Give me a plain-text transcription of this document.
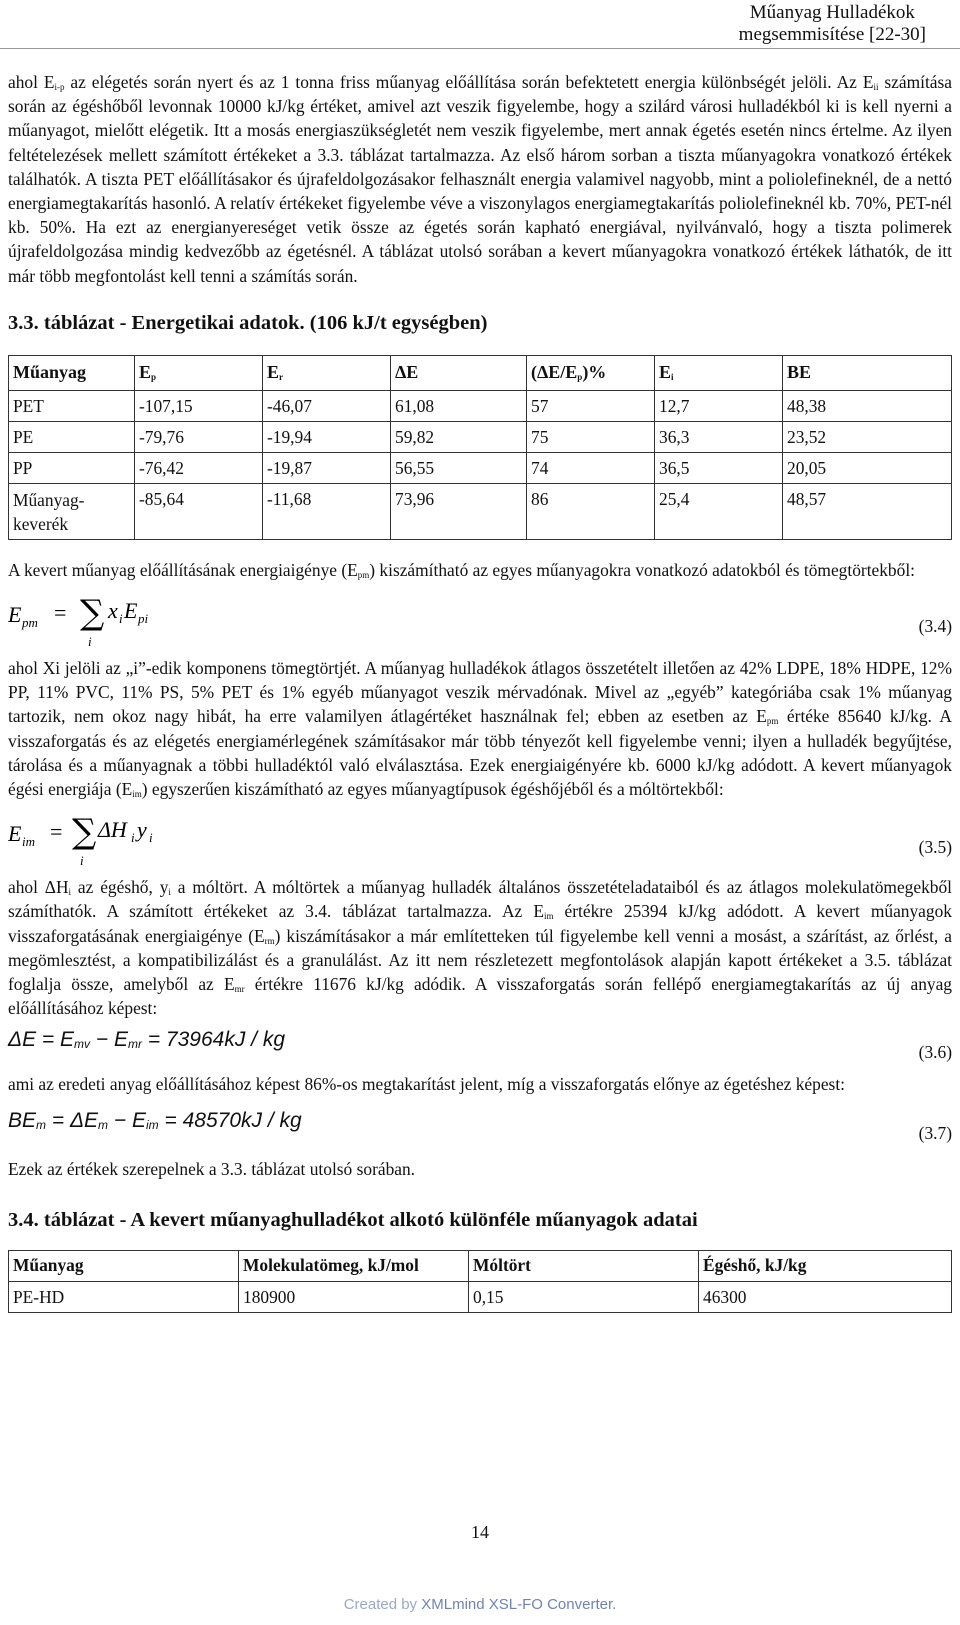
Műanyag Hulladékok
megsemmisítése [22-30]

ahol $E_{i-p}$ az elégetés során nyert és az 1 tonna friss műanyag előállítása során befektetett energia különbségét jelöli. Az $E_{ii}$ számítása során az égéshőből levonnak 10000 kJ/kg értéket, amivel azt veszik figyelembe, hogy a szilárd városi hulladékból ki is kell nyerni a műanyagot, mielőtt elégetik. Itt a mosás energiaszükségletét nem veszik figyelembe, mert annak égetés esetén nincs értelme. Az ilyen feltételezések mellett számított értékeket a 3.3. táblázat tartalmazza. Az első három sorban a tiszta műanyagokra vonatkozó értékek találhatók. A tiszta PET előállításakor és újrafeldolgozásakor felhasznált energia valamivel nagyobb, mint a poliolefineknél, de a nettó energiamegtakarítás hasonló. A relatív értékeket figyelembe véve a viszonylagos energiamegtakarítás poliolefineknél kb. 70%, PET-nél kb. 50%. Ha ezt az energianyereséget vetik össze az égetés során kapható energiával, nyilvánvaló, hogy a tiszta polimerek újrafeldolgozása mindig kedvezőbb az égetésnél. A táblázat utolsó sorában a kevert műanyagokra vonatkozó értékek láthatók, de itt már több megfontolást kell tenni a számítás során.

3.3. táblázat - Energetikai adatok. (106 kJ/t egységben)
Műanyag	$E_p$	$E_r$	ΔE	$(\Delta E/E_p)\%$	$E_i$	BE
PET	-107,15	-46,07	61,08	57	12,7	48,38
PE	-79,76	-19,94	59,82	75	36,3	23,52
PP	-76,42	-19,87	56,55	74	36,5	20,05

Műanyag-
keverék	-85,64	-11,68	73,96	86	25,4	48,57

A kevert műanyag előállításának energiaigénye $(E_{pm})$ kiszámítható az egyes műanyagokra vonatkozó adatokból és tömegtörtekből:

E pm = ∑
i
x i E pi	(3.4)

ahol Xi jelöli az „i”-edik komponens tömegtörtjét. A műanyag hulladékok átlagos összetételt illetően az 42% LDPE, 18% HDPE, 12% PP, 11% PVC, 11% PS, 5% PET és 1% egyéb műanyagot veszik mérvadónak. Mivel az „egyéb” kategóriába csak 1% műanyag tartozik, nem okoz nagy hibát, ha erre valamilyen átlagértéket használnak fel; ebben az esetben az $E_{pm}$ értéke 85640 kJ/kg. A visszaforgatás és az elégetés energiamérlegének számításakor már több tényezőt kell figyelembe venni; ilyen a hulladék begyűjtése, tárolása és a műanyagnak a többi hulladéktól való elválasztása. Ezek energiaigényére kb. 6000 kJ/kg adódott. A kevert műanyagok égési energiája $(E_{im})$ egyszerűen kiszámítható az egyes műanyagtípusok égéshőjéből és a móltörtekből:

E im = ∑
i
ΔH i y i	(3.5)

ahol $\Delta H_i$ az égéshő, $y_i$ a móltört. A móltörtek a műanyag hulladék általános összetételadataiból és az átlagos molekulatömegekből számíthatók. A számított értékeket az 3.4. táblázat tartalmazza. Az $E_{im}$ értékre 25394 kJ/kg adódott. A kevert műanyagok visszaforgatásának energiaigénye $(E_{rm})$ kiszámításakor a már említetteken túl figyelembe kell venni a mosást, a szárítást, az őrlést, a megömlesztést, a kompatibilizálást és a granulálást. Az itt nem részletezett megfontolások alapján kapott értékeket a 3.5. táblázat foglalja össze, amelyből az $E_{mr}$ értékre 11676 kJ/kg adódik. A visszaforgatás során fellépő energiamegtakarítás az új anyag előállításához képest:

$\Delta E = E_{mv} - E_{mr} = 73964kJ$ / kg
(3.6)

ami az eredeti anyag előállításához képest 86%-os megtakarítást jelent, míg a visszaforgatás előnye az égetéshez képest:

$BE_m = \Delta E_m - E_{im} = 48570kJ$ / kg
(3.7)

Ezek az értékek szerepelnek a 3.3. táblázat utolsó sorában.

3.4. táblázat - A kevert műanyaghulladékot alkotó különféle műanyagok adatai
Műanyag	Molekulatömeg, kJ/mol	Móltört	Égéshő, kJ/kg
PE-HD	180900	0,15	46300
14
Created by XMLmind XSL-FO Converter.
